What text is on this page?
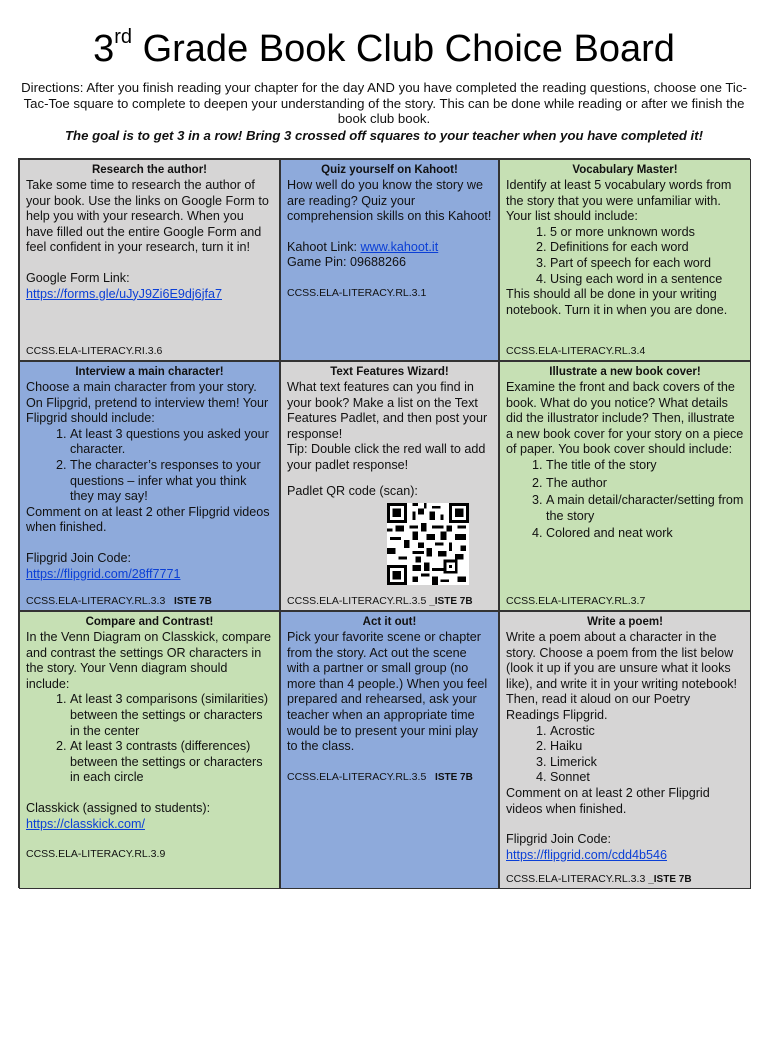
3rd Grade Book Club Choice Board
Directions: After you finish reading your chapter for the day AND you have completed the reading questions, choose one Tic-Tac-Toe square to complete to deepen your understanding of the story. This can be done while reading or after we finish the book club book.
The goal is to get 3 in a row! Bring 3 crossed off squares to your teacher when you have completed it!
Research the author!

Take some time to research the author of your book. Use the links on Google Form to help you with your research. When you have filled out the entire Google Form and feel confident in your research, turn it in!

Google Form Link:

https://forms.gle/uJyJ9Zi6E9dj6jfa7
CCSS.ELA-LITERACY.RI.3.6
Quiz yourself on Kahoot!

How well do you know the story we are reading? Quiz your comprehension skills on this Kahoot!

Kahoot Link: www.kahoot.it

Game Pin: 09688266

CCSS.ELA-LITERACY.RL.3.1

Vocabulary Master!

Identify at least 5 vocabulary words from the story that you were unfamiliar with. Your list should include:

1. 5 or more unknown words
2. Definitions for each word
3. Part of speech for each word
4. Using each word in a sentence

This should all be done in your writing notebook. Turn it in when you are done.

CCSS.ELA-LITERACY.RL.3.4
Interview a main character!

Choose a main character from your story. On Flipgrid, pretend to interview them! Your Flipgrid should include:

1. At least 3 questions you asked your character.
2. The character’s responses to your questions – infer what you think they may say!

Comment on at least 2 other Flipgrid videos when finished.

Flipgrid Join Code:

https://flipgrid.com/28ff7771
CCSS.ELA-LITERACY.RL.3.3 ISTE 7B
Text Features Wizard!

What text features can you find in your book? Make a list on the Text Features Padlet, and then post your response!

Tip: Double click the red wall to add your padlet response!

Padlet QR code (scan):

CCSS.ELA-LITERACY.RL.3.5 _ISTE 7B
Illustrate a new book cover!

Examine the front and back covers of the book. What do you notice? What details did the illustrator include? Then, illustrate a new book cover for your story on a piece of paper. You book cover should include:

1. The title of the story
2. The author
3. A main detail/character/setting from the story
4. Colored and neat work
CCSS.ELA-LITERACY.RL.3.7
Compare and Contrast!

In the Venn Diagram on Classkick, compare and contrast the settings OR characters in the story. Your Venn diagram should include:

1. At least 3 comparisons (similarities) between the settings or characters in the center
2. At least 3 contrasts (differences) between the settings or characters in each circle

Classkick (assigned to students):

https://classkick.com/

CCSS.ELA-LITERACY.RL.3.9

Act it out!

Pick your favorite scene or chapter from the story. Act out the scene with a partner or small group (no more than 4 people.) When you feel prepared and rehearsed, ask your teacher when an appropriate time would be to present your mini play to the class.

CCSS.ELA-LITERACY.RL.3.5 ISTE 7B

Write a poem!

Write a poem about a character in the story. Choose a poem from the list below (look it up if you are unsure what it looks like), and write it in your writing notebook! Then, read it aloud on our Poetry Readings Flipgrid.

1. Acrostic
2. Haiku
3. Limerick
4. Sonnet

Comment on at least 2 other Flipgrid videos when finished.

Flipgrid Join Code:

https://flipgrid.com/cdd4b546
CCSS.ELA-LITERACY.RL.3.3 _ISTE 7B
